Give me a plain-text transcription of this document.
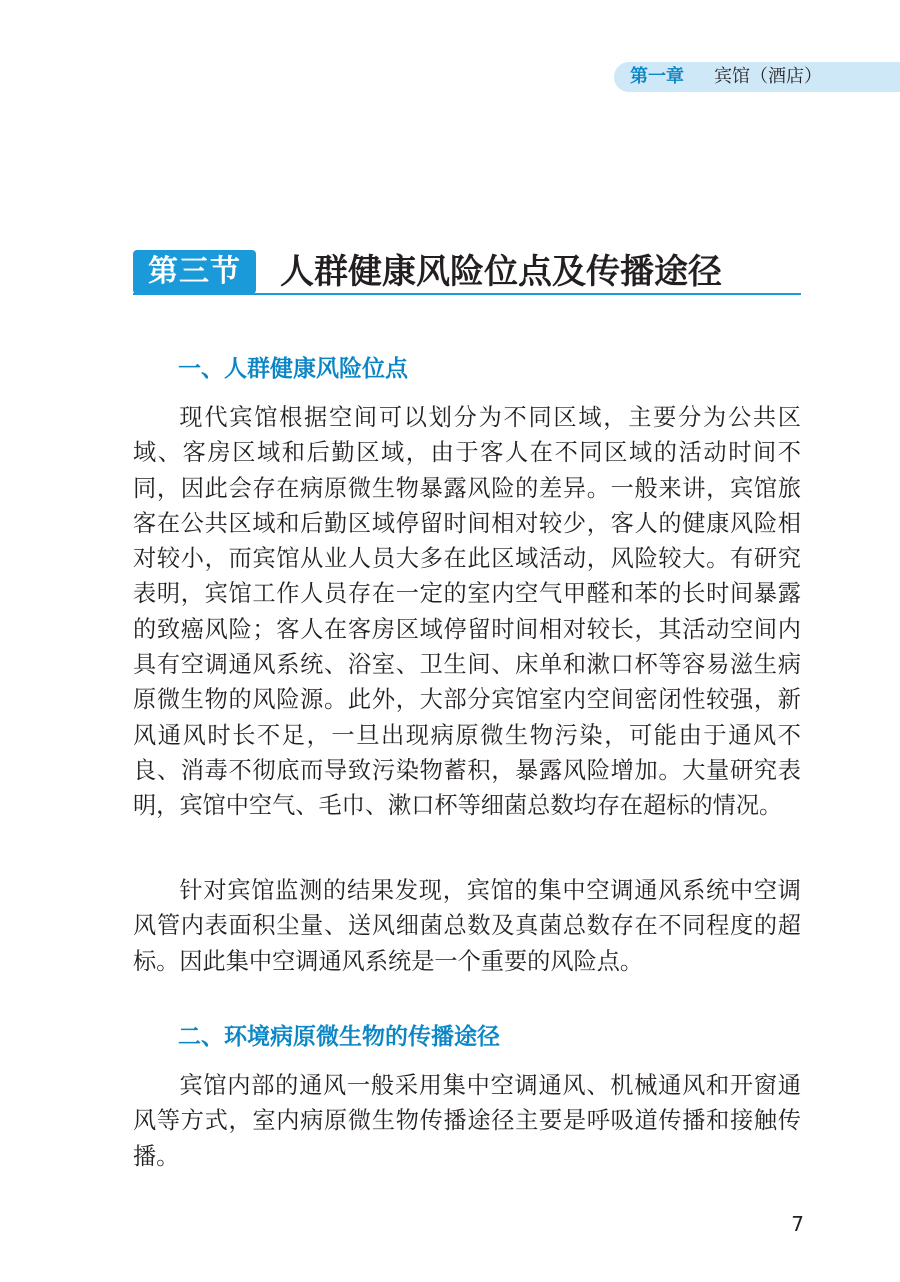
第一章 宾馆（酒店）
第三节	人群健康风险位点及传播途径
一、人群健康风险位点

现代宾馆根据空间可以划分为不同区域，主要分为公共区域、客房区域和后勤区域，由于客人在不同区域的活动时间不同，因此会存在病原微生物暴露风险的差异。一般来讲，宾馆旅客在公共区域和后勤区域停留时间相对较少，客人的健康风险相对较小，而宾馆从业人员大多在此区域活动，风险较大。有研究表明，宾馆工作人员存在一定的室内空气甲醛和苯的长时间暴露的致癌风险；客人在客房区域停留时间相对较长，其活动空间内具有空调通风系统、浴室、卫生间、床单和漱口杯等容易滋生病原微生物的风险源。此外，大部分宾馆室内空间密闭性较强，新风通风时长不足，一旦出现病原微生物污染，可能由于通风不良、消毒不彻底而导致污染物蓄积，暴露风险增加。大量研究表明，宾馆中空气、毛巾、漱口杯等细菌总数均存在超标的情况。

针对宾馆监测的结果发现，宾馆的集中空调通风系统中空调风管内表面积尘量、送风细菌总数及真菌总数存在不同程度的超标。因此集中空调通风系统是一个重要的风险点。

二、环境病原微生物的传播途径

宾馆内部的通风一般采用集中空调通风、机械通风和开窗通风等方式，室内病原微生物传播途径主要是呼吸道传播和接触传播。

7
